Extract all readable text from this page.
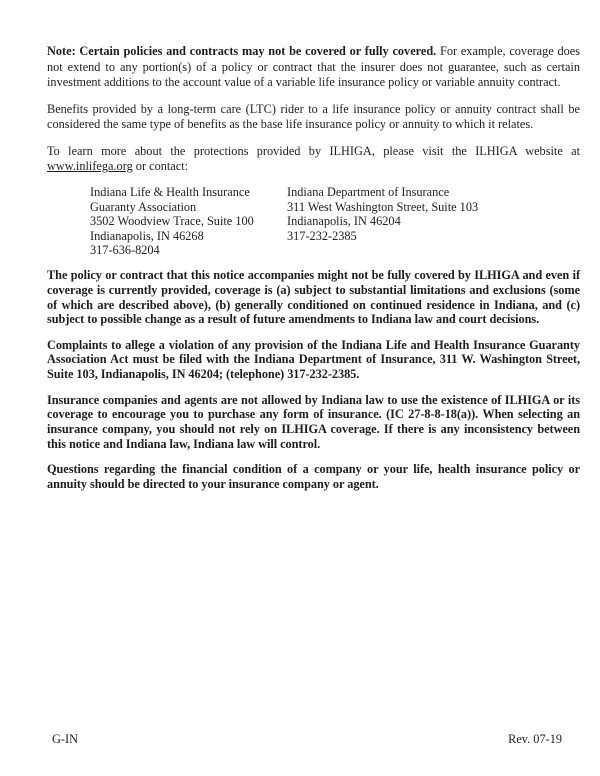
Note: Certain policies and contracts may not be covered or fully covered. For example, coverage does not extend to any portion(s) of a policy or contract that the insurer does not guarantee, such as certain investment additions to the account value of a variable life insurance policy or variable annuity contract.

Benefits provided by a long-term care (LTC) rider to a life insurance policy or annuity contract shall be considered the same type of benefits as the base life insurance policy or annuity to which it relates.

To learn more about the protections provided by ILHIGA, please visit the ILHIGA website at www.inlifega.org or contact:

Indiana Life & Health Insurance
Guaranty Association
3502 Woodview Trace, Suite 100
Indianapolis, IN 46268
317-636-8204
Indiana Department of Insurance
311 West Washington Street, Suite 103
Indianapolis, IN 46204
317-232-2385

The policy or contract that this notice accompanies might not be fully covered by ILHIGA and even if coverage is currently provided, coverage is (a) subject to substantial limitations and exclusions (some of which are described above), (b) generally conditioned on continued residence in Indiana, and (c) subject to possible change as a result of future amendments to Indiana law and court decisions.

Complaints to allege a violation of any provision of the Indiana Life and Health Insurance Guaranty Association Act must be filed with the Indiana Department of Insurance, 311 W. Washington Street, Suite 103, Indianapolis, IN 46204; (telephone) 317-232-2385.

Insurance companies and agents are not allowed by Indiana law to use the existence of ILHIGA or its coverage to encourage you to purchase any form of insurance. (IC 27-8-8-18(a)). When selecting an insurance company, you should not rely on ILHIGA coverage. If there is any inconsistency between this notice and Indiana law, Indiana law will control.

Questions regarding the financial condition of a company or your life, health insurance policy or annuity should be directed to your insurance company or agent.

G-IN	Rev. 07-19
